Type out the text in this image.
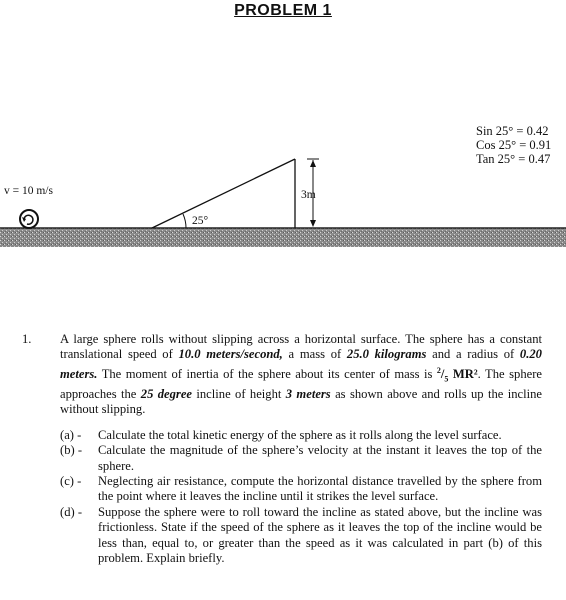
PROBLEM 1
Sin 25° = 0.42
Cos 25° = 0.91
Tan 25° = 0.47
25°
3m
v = 10 m/s
1. A large sphere rolls without slipping across a horizontal surface. The sphere has a constant translational speed of 10.0 meters/second, a mass of 25.0 kilograms and a radius of 0.20 meters. The moment of inertia of the sphere about its center of mass is $^2/_5$ MR². The sphere approaches the 25 degree incline of height 3 meters as shown above and rolls up the incline without slipping.
(a) -	Calculate the total kinetic energy of the sphere as it rolls along the level surface.
(b) -	Calculate the magnitude of the sphere’s velocity at the instant it leaves the top of the sphere.
(c) -	Neglecting air resistance, compute the horizontal distance travelled by the sphere from the point where it leaves the incline until it strikes the level surface.
(d) -	Suppose the sphere were to roll toward the incline as stated above, but the incline was frictionless. State if the speed of the sphere as it leaves the top of the incline would be less than, equal to, or greater than the speed as it was calculated in part (b) of this problem. Explain briefly.
